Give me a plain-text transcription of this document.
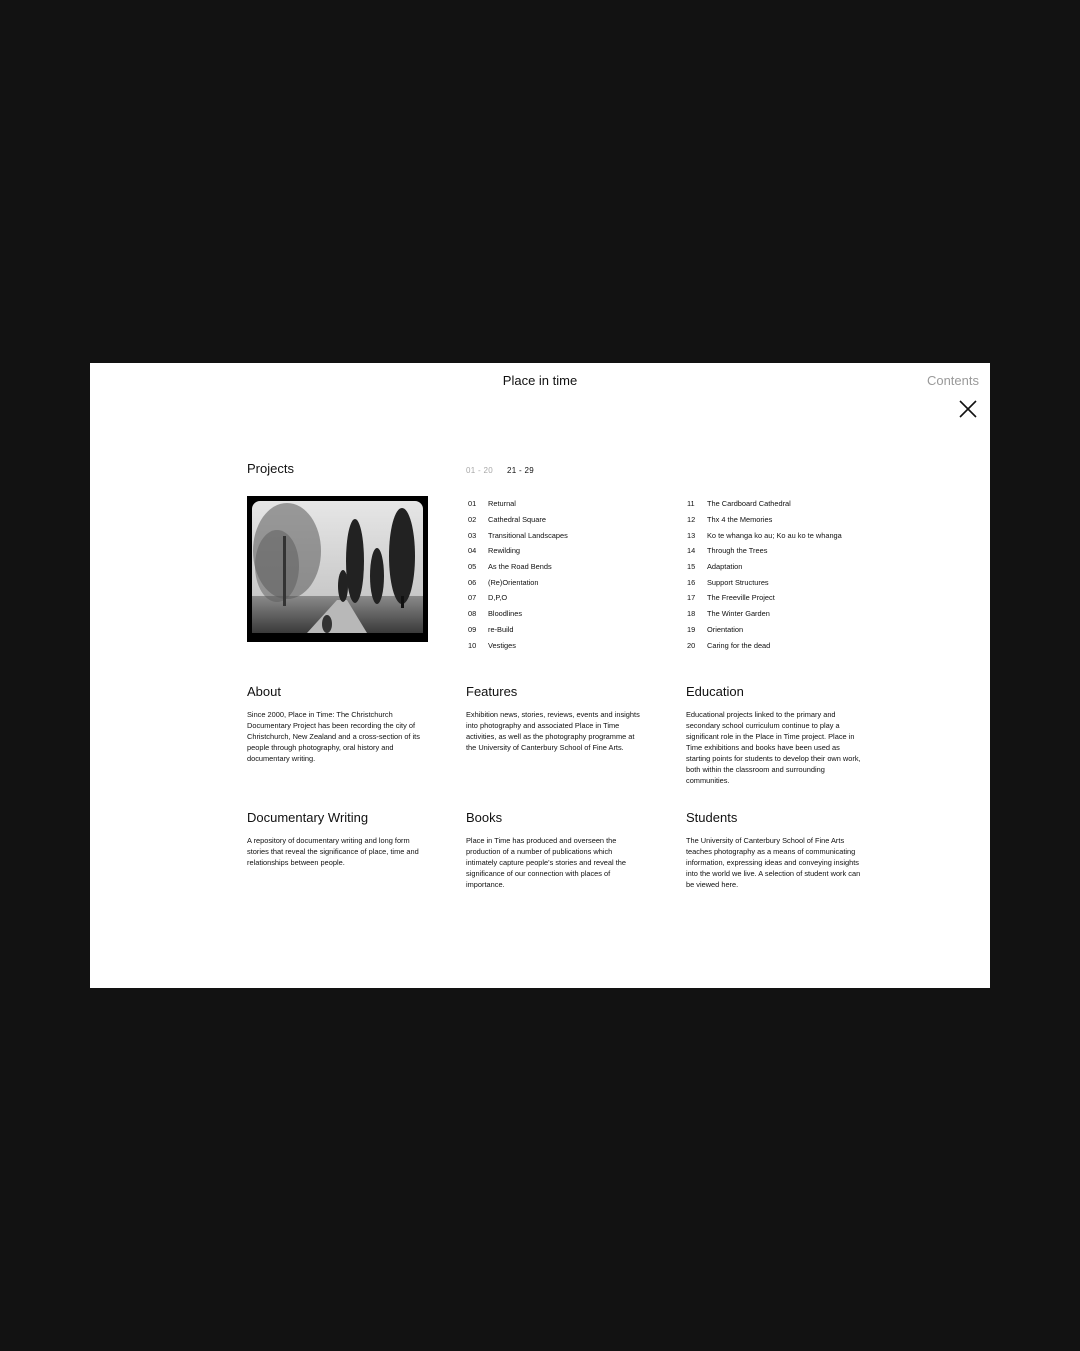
Place in time	Contents
Projects	01 - 20 21 - 29
01	Returnal
02	Cathedral Square
03	Transitional Landscapes
04	Rewilding
05	As the Road Bends
06	(Re)Orientation
07	D,P,O
08	Bloodlines
09	re-Build
10	Vestiges
11	The Cardboard Cathedral
12	Thx 4 the Memories
13	Ko te whanga ko au; Ko au ko te whanga
14	Through the Trees
15	Adaptation
16	Support Structures
17	The Freeville Project
18	The Winter Garden
19	Orientation
20	Caring for the dead
About

Since 2000, Place in Time: The Christchurch Documentary Project has been recording the city of Christchurch, New Zealand and a cross-section of its people through photography, oral history and documentary writing.

Features

Exhibition news, stories, reviews, events and insights into photography and associated Place in Time activities, as well as the photography programme at the University of Canterbury School of Fine Arts.

Education

Educational projects linked to the primary and secondary school curriculum continue to play a significant role in the Place in Time project. Place in Time exhibitions and books have been used as starting points for students to develop their own work, both within the classroom and surrounding communities.

Documentary Writing

A repository of documentary writing and long form stories that reveal the significance of place, time and relationships between people.

Books

Place in Time has produced and overseen the production of a number of publications which intimately capture people's stories and reveal the significance of our connection with places of importance.

Students

The University of Canterbury School of Fine Arts teaches photography as a means of communicating information, expressing ideas and conveying insights into the world we live. A selection of student work can be viewed here.
